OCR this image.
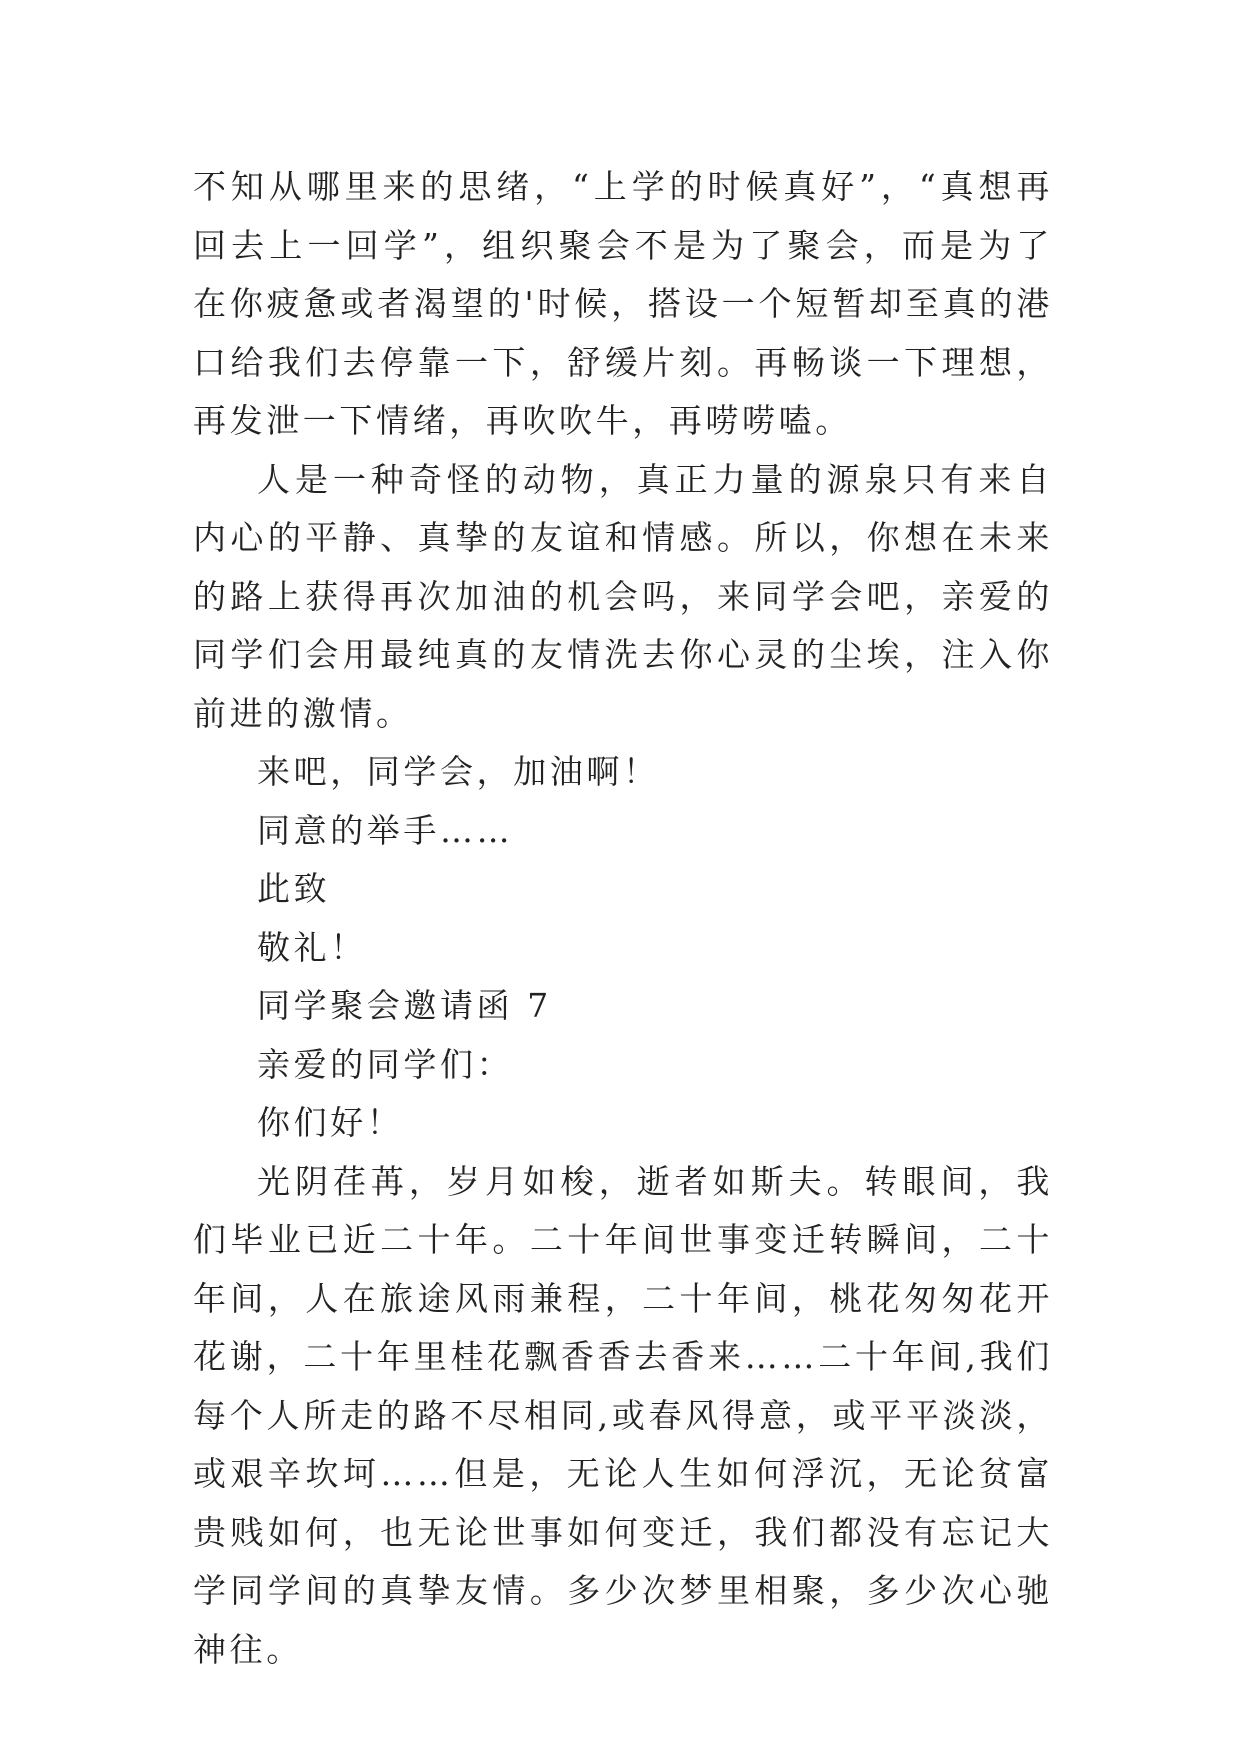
不知从哪里来的思绪，“上学的时候真好”，“真想再回去上一回学”，组织聚会不是为了聚会，而是为了在你疲惫或者渴望的'时候，搭设一个短暂却至真的港口给我们去停靠一下，舒缓片刻。再畅谈一下理想，再发泄一下情绪，再吹吹牛，再唠唠嗑。

人是一种奇怪的动物，真正力量的源泉只有来自内心的平静、真挚的友谊和情感。所以，你想在未来的路上获得再次加油的机会吗，来同学会吧，亲爱的同学们会用最纯真的友情洗去你心灵的尘埃，注入你前进的激情。

来吧，同学会，加油啊！

同意的举手……

此致

敬礼！

同学聚会邀请函 7

亲爱的同学们：

你们好！

光阴荏苒，岁月如梭，逝者如斯夫。转眼间，我们毕业已近二十年。二十年间世事变迁转瞬间，二十年间，人在旅途风雨兼程，二十年间，桃花匆匆花开花谢，二十年里桂花飘香香去香来……二十年间,我们每个人所走的路不尽相同,或春风得意，或平平淡淡，或艰辛坎坷……但是，无论人生如何浮沉，无论贫富贵贱如何，也无论世事如何变迁，我们都没有忘记大学同学间的真挚友情。多少次梦里相聚，多少次心驰神往。
